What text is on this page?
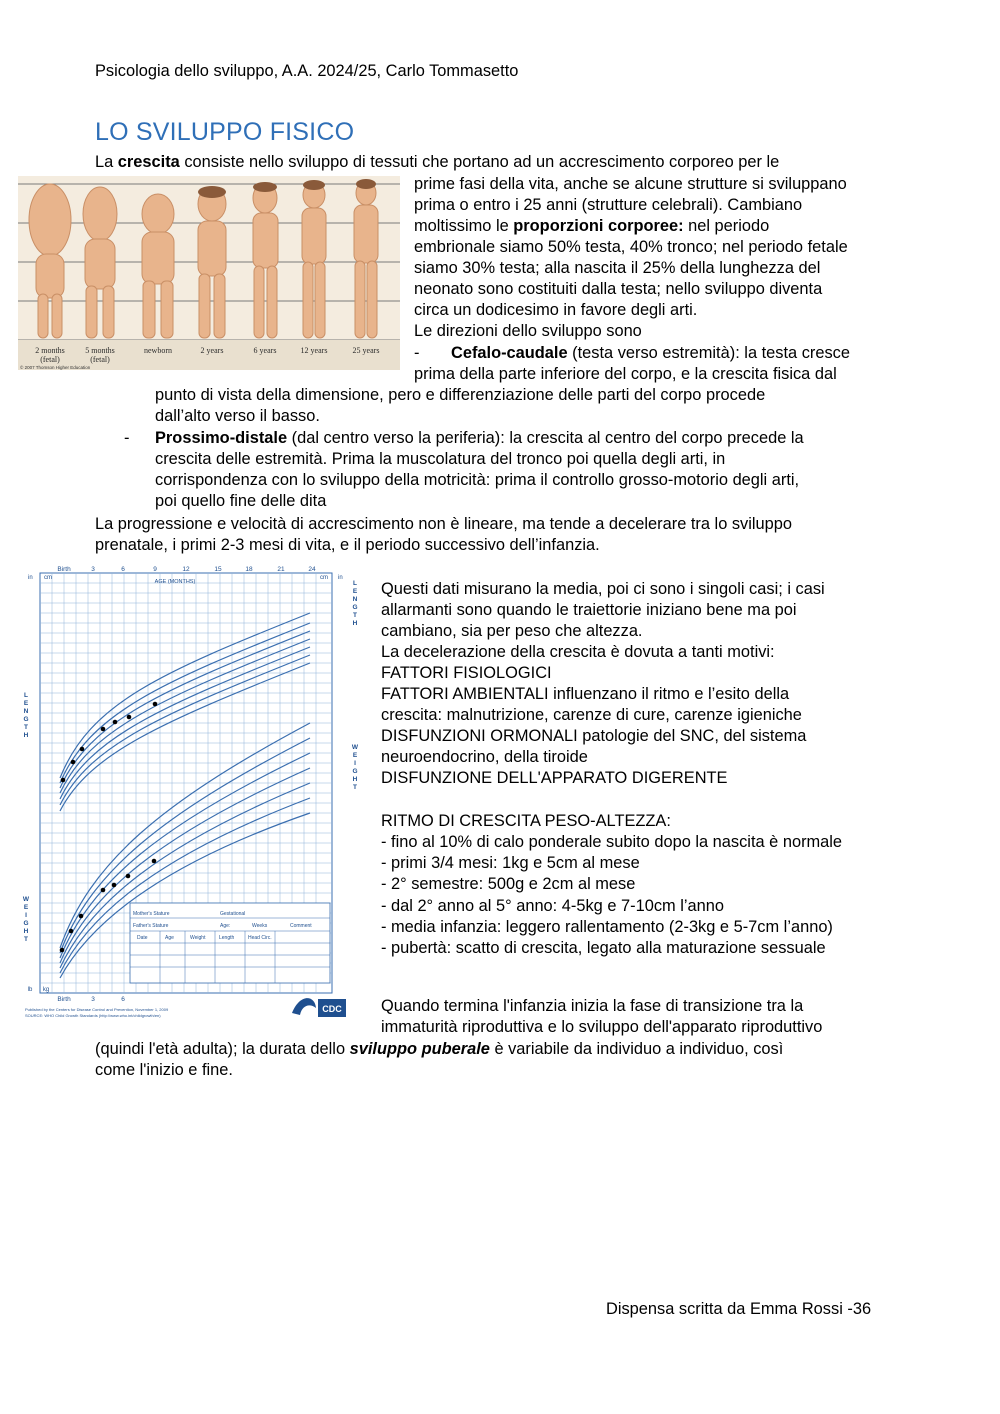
Psicologia dello sviluppo, A.A. 2024/25, Carlo Tommasetto
LO SVILUPPO FISICO
2 months
(fetal)
5 months
(fetal)
newborn	2 years	6 years	12 years	25 years
© 2007 Thomson Higher Education
La crescita consiste nello sviluppo di tessuti che portano ad un accrescimento corporeo per le
prime fasi della vita, anche se alcune strutture si sviluppano
prima o entro i 25 anni (strutture celebrali). Cambiano
moltissimo le proporzioni corporee: nel periodo
embrionale siamo 50% testa, 40% tronco; nel periodo fetale
siamo 30% testa; alla nascita il 25% della lunghezza del
neonato sono costituiti dalla testa; nello sviluppo diventa
circa un dodicesimo in favore degli arti.
Le direzioni dello sviluppo sono
- Cefalo-caudale (testa verso estremità): la testa cresce
prima della parte inferiore del corpo, e la crescita fisica dal
punto di vista della dimensione, pero e differenziazione delle parti del corpo procede
dall’alto verso il basso.
- Prossimo-distale (dal centro verso la periferia): la crescita al centro del corpo precede la
crescita delle estremità. Prima la muscolatura del tronco poi quella degli arti, in
corrispondenza con lo sviluppo della motricità: prima il controllo grosso-motorio degli arti,
poi quello fine delle dita
La progressione e velocità di accrescimento non è lineare, ma tende a decelerare tra lo sviluppo
prenatale, i primi 2-3 mesi di vita, e il periodo successivo dell’infanzia.
Birth	3	6	9	12	15	18	21	24
AGE (MONTHS)
in cm	cm in
L
E
N
G
T
H
W
E
I
G
H
T
L
E
N
G
T
H
W
E
I
G
H
T
Mother's Stature	Gestational
Father's Stature	Age:	Weeks	Comment
Date	Age	Weight	Length	Head Circ.
Birth	3	6
lb kg
Published by the Centers for Disease Control and Prevention, November 1, 2009
SOURCE: WHO Child Growth Standards (http://www.who.int/childgrowth/en)
CDC
Questi dati misurano la media, poi ci sono i singoli casi; i casi
allarmanti sono quando le traiettorie iniziano bene ma poi
cambiano, sia per peso che altezza.
La decelerazione della crescita è dovuta a tanti motivi:
FATTORI FISIOLOGICI
FATTORI AMBIENTALI influenzano il ritmo e l’esito della
crescita: malnutrizione, carenze di cure, carenze igieniche
DISFUNZIONI ORMONALI patologie del SNC, del sistema
neuroendocrino, della tiroide
DISFUNZIONE DELL'APPARATO DIGERENTE
RITMO DI CRESCITA PESO-ALTEZZA:
- fino al 10% di calo ponderale subito dopo la nascita è normale
- primi 3/4 mesi: 1kg e 5cm al mese
- 2° semestre: 500g e 2cm al mese
- dal 2° anno al 5° anno: 4-5kg e 7-10cm l’anno
- media infanzia: leggero rallentamento (2-3kg e 5-7cm l’anno)
- pubertà: scatto di crescita, legato alla maturazione sessuale
Quando termina l'infanzia inizia la fase di transizione tra la
immaturità riproduttiva e lo sviluppo dell'apparato riproduttivo
(quindi l'età adulta); la durata dello sviluppo puberale è variabile da individuo a individuo, così
come l'inizio e fine.
Dispensa scritta da Emma Rossi -36
